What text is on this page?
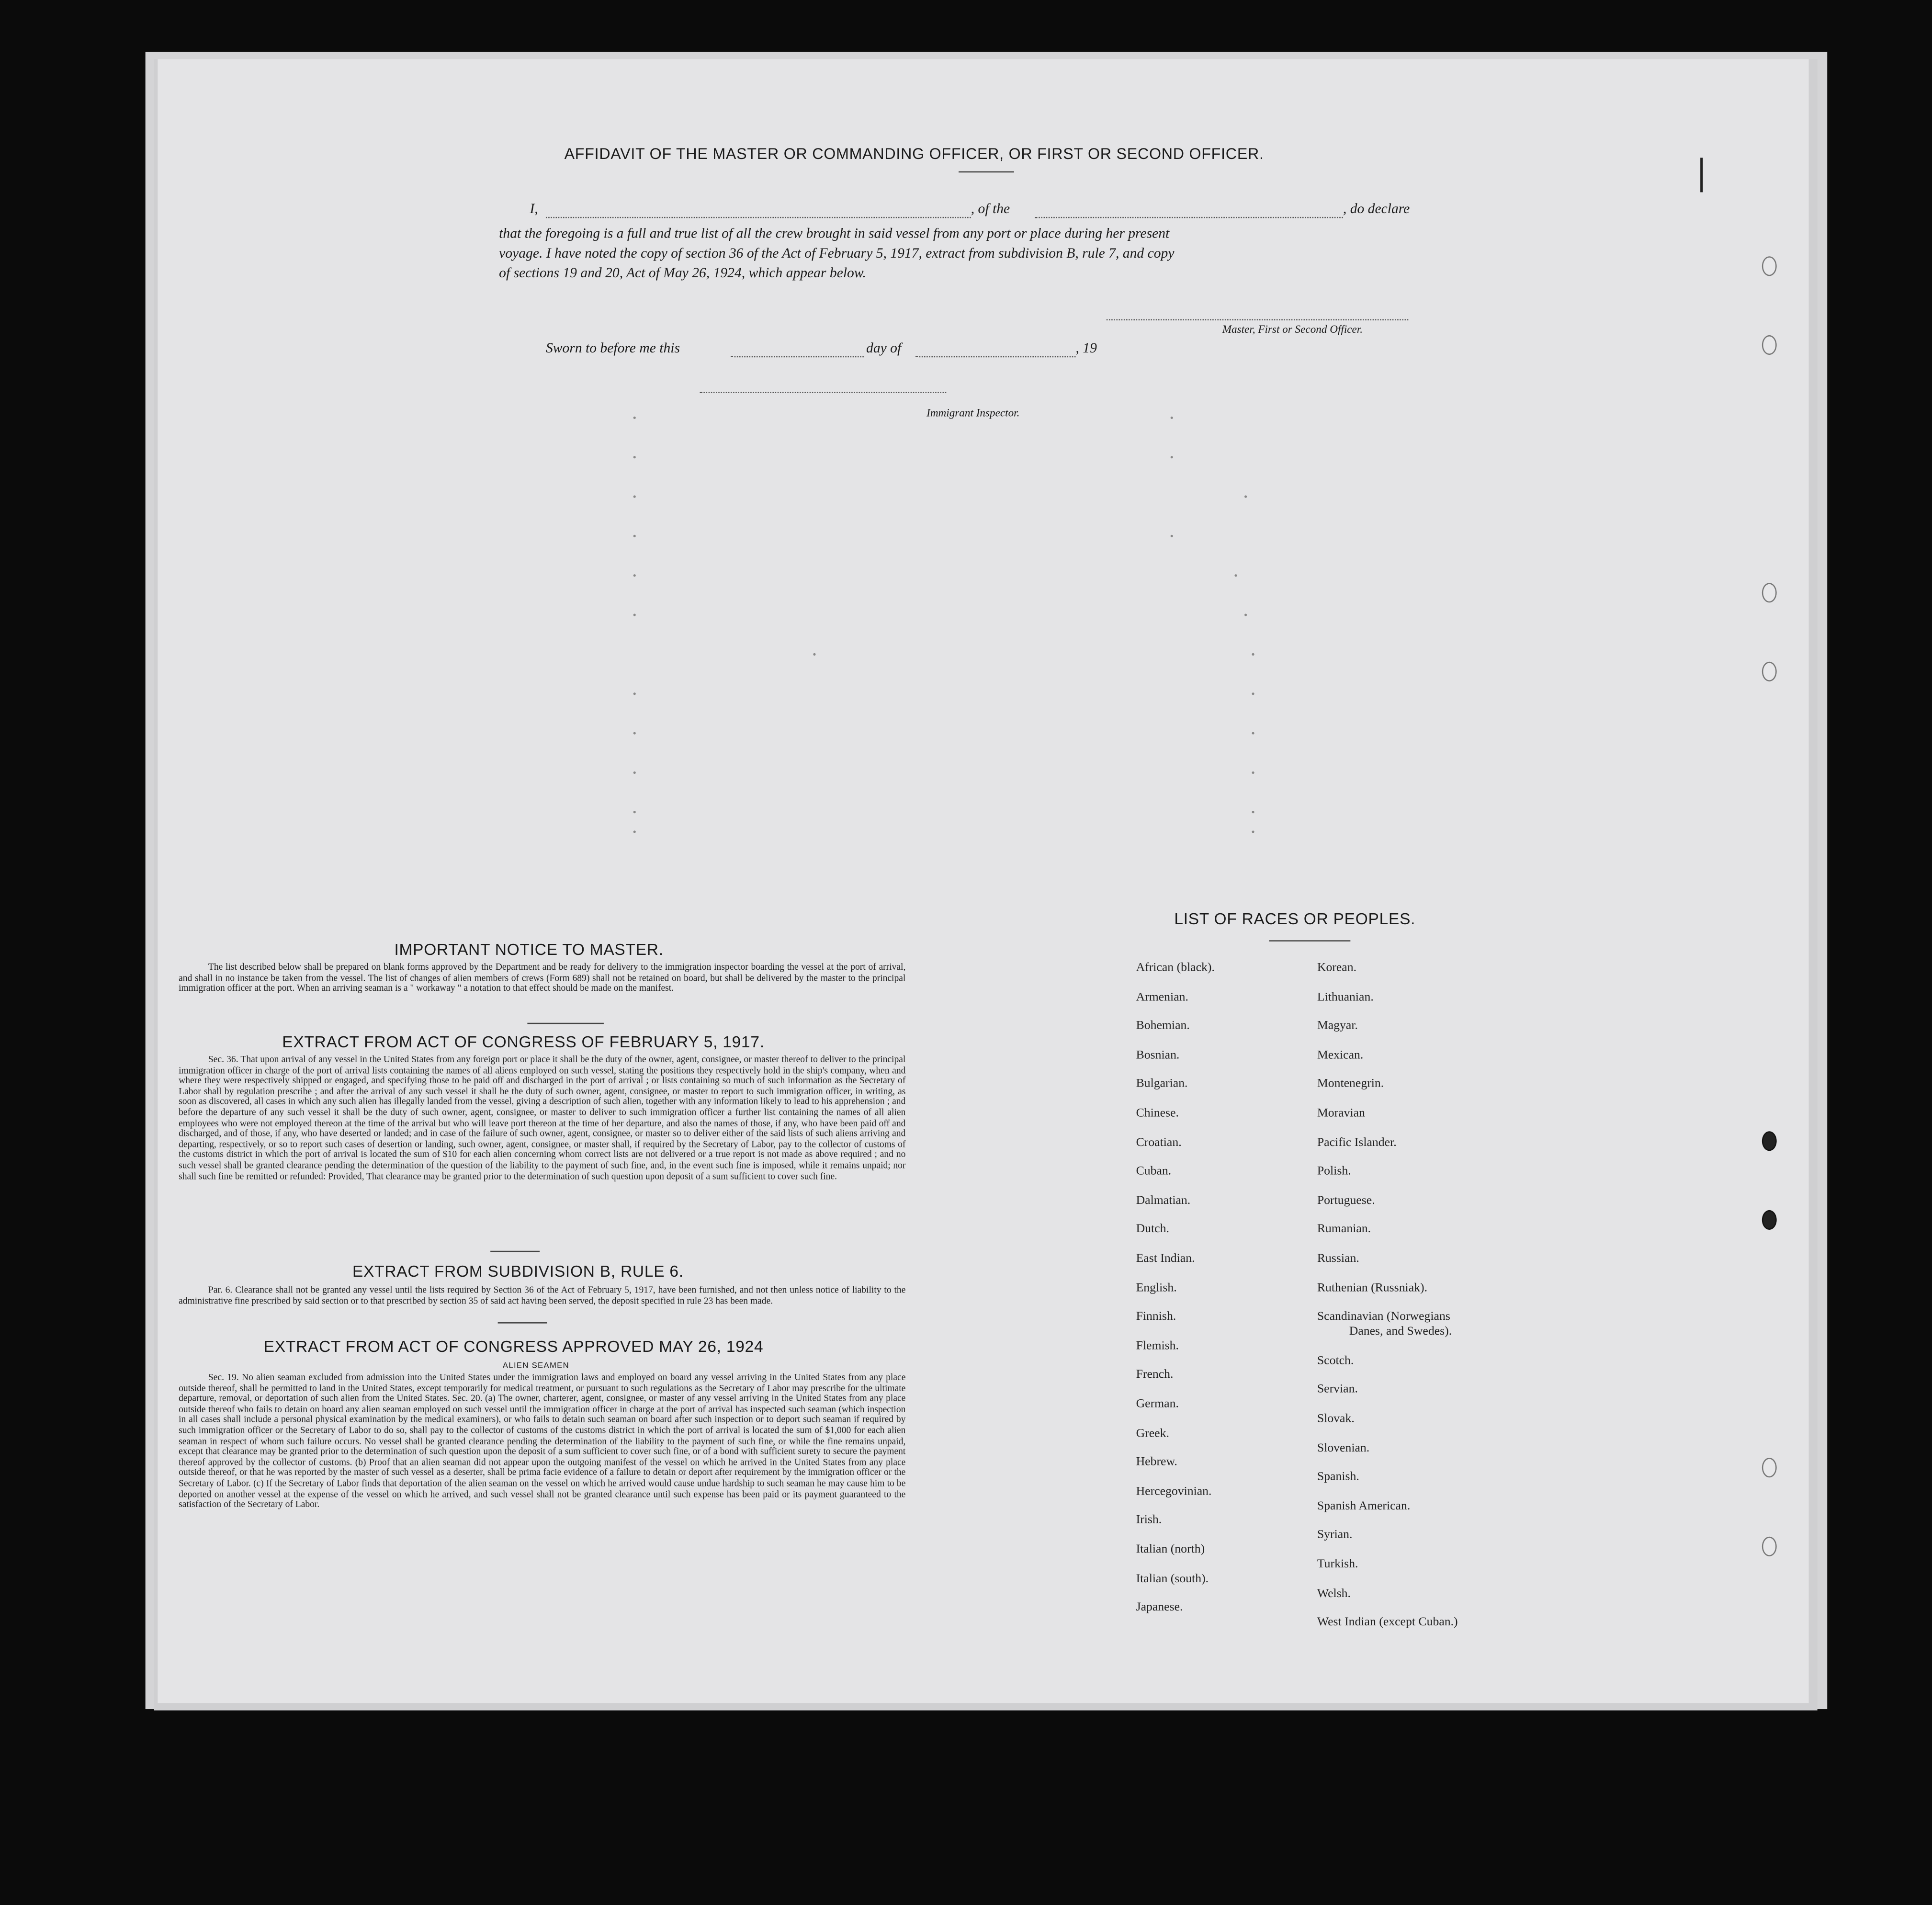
AFFIDAVIT OF THE MASTER OR COMMANDING OFFICER, OR FIRST OR SECOND OFFICER.
I,	, of the	, do declare
that the foregoing is a full and true list of all the crew brought in said vessel from any port or place during her present
voyage. I have noted the copy of section 36 of the Act of February 5, 1917, extract from subdivision B, rule 7, and copy
of sections 19 and 20, Act of May 26, 1924, which appear below.
Master, First or Second Officer.
Sworn to before me this	day of	, 19
Immigrant Inspector.
IMPORTANT NOTICE TO MASTER.
The list described below shall be prepared on blank forms approved by the Department and be ready for delivery to the immigration inspector boarding the vessel at the port of arrival, and shall in no instance be taken from the vessel. The list of changes of alien members of crews (Form 689) shall not be retained on board, but shall be delivered by the master to the principal immigration officer at the port. When an arriving seaman is a " workaway " a notation to that effect should be made on the manifest.
EXTRACT FROM ACT OF CONGRESS OF FEBRUARY 5, 1917.
Sec. 36. That upon arrival of any vessel in the United States from any foreign port or place it shall be the duty of the owner, agent, consignee, or master thereof to deliver to the principal immigration officer in charge of the port of arrival lists containing the names of all aliens employed on such vessel, stating the positions they respectively hold in the ship's company, when and where they were respectively shipped or engaged, and specifying those to be paid off and discharged in the port of arrival ; or lists containing so much of such information as the Secretary of Labor shall by regulation prescribe ; and after the arrival of any such vessel it shall be the duty of such owner, agent, consignee, or master to report to such immigration officer, in writing, as soon as discovered, all cases in which any such alien has illegally landed from the vessel, giving a description of such alien, together with any information likely to lead to his apprehension ; and before the departure of any such vessel it shall be the duty of such owner, agent, consignee, or master to deliver to such immigration officer a further list containing the names of all alien employees who were not employed thereon at the time of the arrival but who will leave port thereon at the time of her departure, and also the names of those, if any, who have been paid off and discharged, and of those, if any, who have deserted or landed; and in case of the failure of such owner, agent, consignee, or master so to deliver either of the said lists of such aliens arriving and departing, respectively, or so to report such cases of desertion or landing, such owner, agent, consignee, or master shall, if required by the Secretary of Labor, pay to the collector of customs of the customs district in which the port of arrival is located the sum of $10 for each alien concerning whom correct lists are not delivered or a true report is not made as above required ; and no such vessel shall be granted clearance pending the determination of the question of the liability to the payment of such fine, and, in the event such fine is imposed, while it remains unpaid; nor shall such fine be remitted or refunded: Provided, That clearance may be granted prior to the determination of such question upon deposit of a sum sufficient to cover such fine.
EXTRACT FROM SUBDIVISION B, RULE 6.
Par. 6. Clearance shall not be granted any vessel until the lists required by Section 36 of the Act of February 5, 1917, have been furnished, and not then unless notice of liability to the administrative fine prescribed by said section or to that prescribed by section 35 of said act having been served, the deposit specified in rule 23 has been made.
EXTRACT FROM ACT OF CONGRESS APPROVED MAY 26, 1924
ALIEN SEAMEN
Sec. 19. No alien seaman excluded from admission into the United States under the immigration laws and employed on board any vessel arriving in the United States from any place outside thereof, shall be permitted to land in the United States, except temporarily for medical treatment, or pursuant to such regulations as the Secretary of Labor may prescribe for the ultimate departure, removal, or deportation of such alien from the United States. Sec. 20. (a) The owner, charterer, agent, consignee, or master of any vessel arriving in the United States from any place outside thereof who fails to detain on board any alien seaman employed on such vessel until the immigration officer in charge at the port of arrival has inspected such seaman (which inspection in all cases shall include a personal physical examination by the medical examiners), or who fails to detain such seaman on board after such inspection or to deport such seaman if required by such immigration officer or the Secretary of Labor to do so, shall pay to the collector of customs of the customs district in which the port of arrival is located the sum of $1,000 for each alien seaman in respect of whom such failure occurs. No vessel shall be granted clearance pending the determination of the liability to the payment of such fine, or while the fine remains unpaid, except that clearance may be granted prior to the determination of such question upon the deposit of a sum sufficient to cover such fine, or of a bond with sufficient surety to secure the payment thereof approved by the collector of customs. (b) Proof that an alien seaman did not appear upon the outgoing manifest of the vessel on which he arrived in the United States from any place outside thereof, or that he was reported by the master of such vessel as a deserter, shall be prima facie evidence of a failure to detain or deport after requirement by the immigration officer or the Secretary of Labor. (c) If the Secretary of Labor finds that deportation of the alien seaman on the vessel on which he arrived would cause undue hardship to such seaman he may cause him to be deported on another vessel at the expense of the vessel on which he arrived, and such vessel shall not be granted clearance until such expense has been paid or its payment guaranteed to the satisfaction of the Secretary of Labor.
LIST OF RACES OR PEOPLES.
African (black).
Armenian.
Bohemian.
Bosnian.
Bulgarian.
Chinese.
Croatian.
Cuban.
Dalmatian.
Dutch.
East Indian.
English.
Finnish.
Flemish.
French.
German.
Greek.
Hebrew.
Hercegovinian.
Irish.
Italian (north)
Italian (south).
Japanese.
Korean.
Lithuanian.
Magyar.
Mexican.
Montenegrin.
Moravian
Pacific Islander.
Polish.
Portuguese.
Rumanian.
Russian.
Ruthenian (Russniak).
Scandinavian (Norwegians
Danes, and Swedes).
Scotch.
Servian.
Slovak.
Slovenian.
Spanish.
Spanish American.
Syrian.
Turkish.
Welsh.
West Indian (except Cuban.)
